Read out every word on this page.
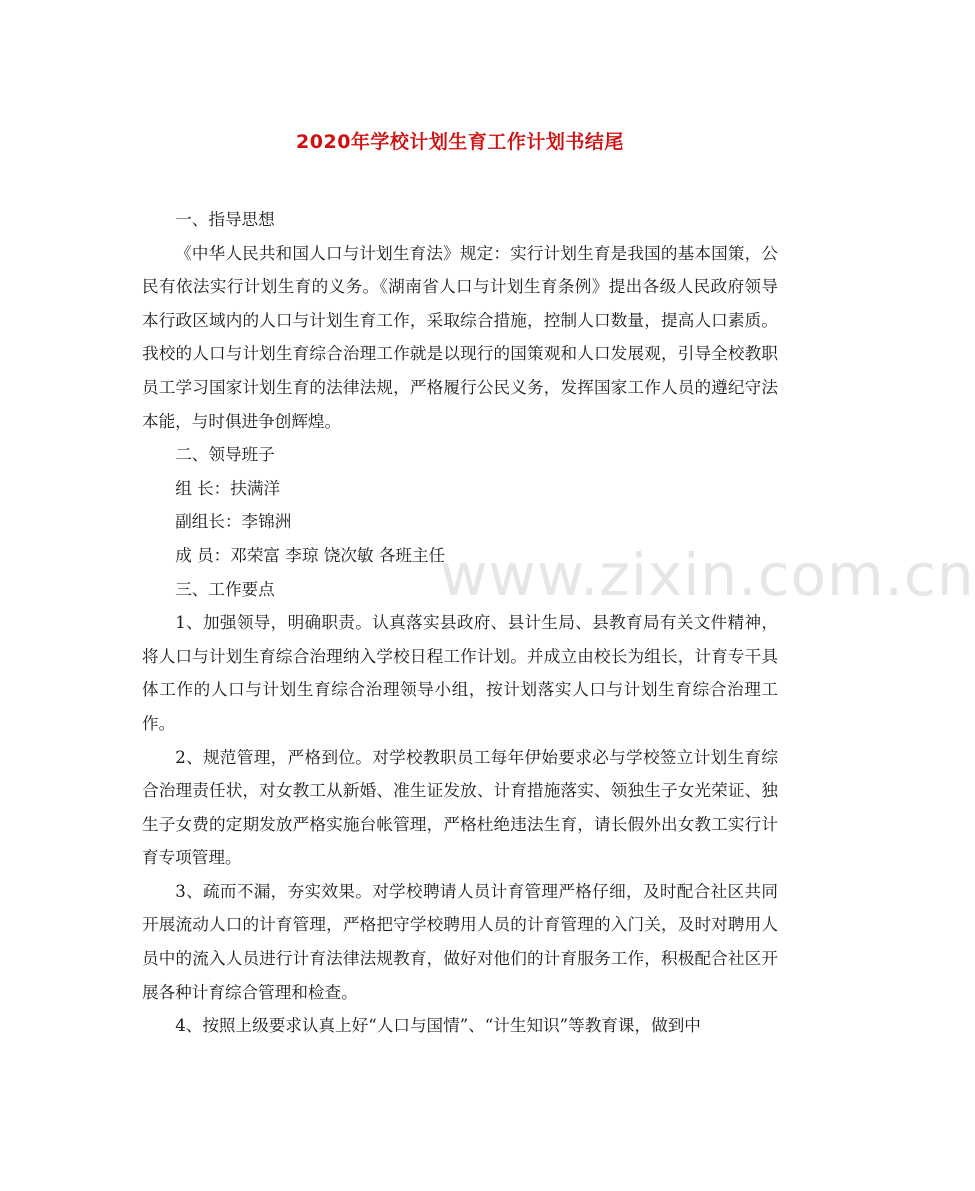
2020年学校计划生育工作计划书结尾

一、指导思想

《中华人民共和国人口与计划生育法》规定：实行计划生育是我国的基本国策，公民有依法实行计划生育的义务。《湖南省人口与计划生育条例》提出各级人民政府领导本行政区域内的人口与计划生育工作，采取综合措施，控制人口数量，提高人口素质。我校的人口与计划生育综合治理工作就是以现行的国策观和人口发展观，引导全校教职员工学习国家计划生育的法律法规，严格履行公民义务，发挥国家工作人员的遵纪守法本能，与时俱进争创辉煌。

二、领导班子

组 长：扶满洋

副组长：李锦洲

成 员：邓荣富 李琼 饶次敏 各班主任

三、工作要点

1、加强领导，明确职责。认真落实县政府、县计生局、县教育局有关文件精神，将人口与计划生育综合治理纳入学校日程工作计划。并成立由校长为组长，计育专干具体工作的人口与计划生育综合治理领导小组，按计划落实人口与计划生育综合治理工作。

2、规范管理，严格到位。对学校教职员工每年伊始要求必与学校签立计划生育综合治理责任状，对女教工从新婚、准生证发放、计育措施落实、领独生子女光荣证、独生子女费的定期发放严格实施台帐管理，严格杜绝违法生育，请长假外出女教工实行计育专项管理。

3、疏而不漏，夯实效果。对学校聘请人员计育管理严格仔细，及时配合社区共同开展流动人口的计育管理，严格把守学校聘用人员的计育管理的入门关，及时对聘用人员中的流入人员进行计育法律法规教育，做好对他们的计育服务工作，积极配合社区开展各种计育综合管理和检查。

4、按照上级要求认真上好“人口与国情”、“计生知识”等教育课，做到中

www.zixin.com.cn
